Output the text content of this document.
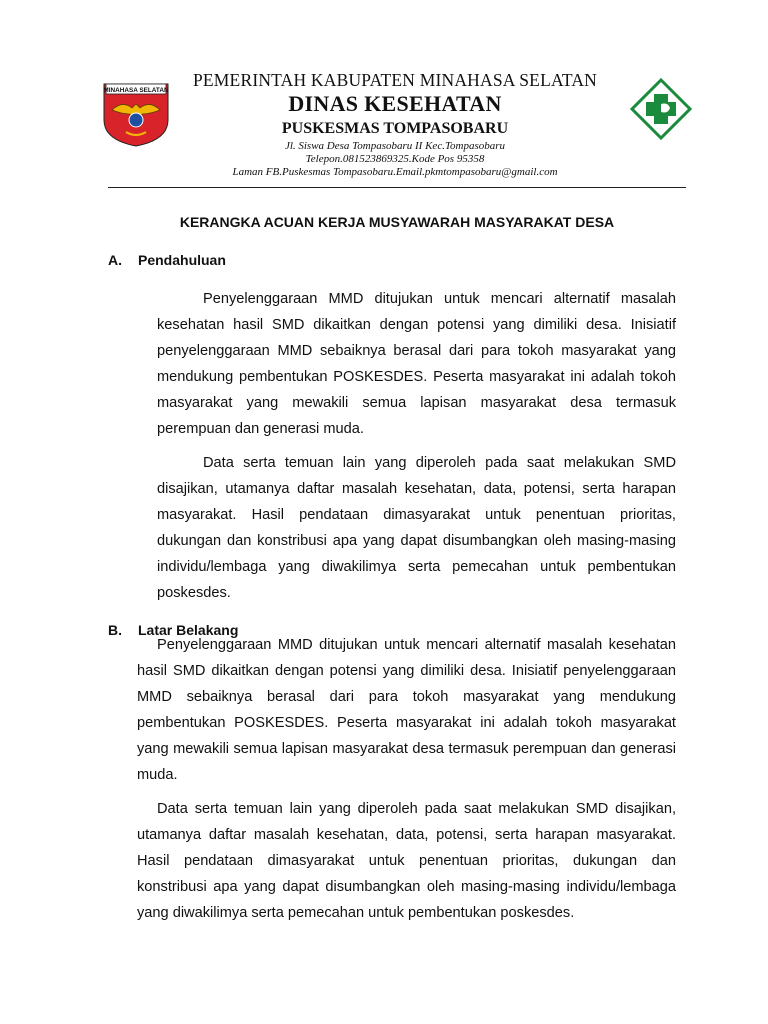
MINAHASA SELATAN
PEMERINTAH KABUPATEN MINAHASA SELATAN
DINAS KESEHATAN
PUSKESMAS TOMPASOBARU
Jl. Siswa Desa Tompasobaru II Kec.Tompasobaru
Telepon.081523869325.Kode Pos 95358
Laman FB.Puskesmas Tompasobaru.Email.pkmtompasobaru@gmail.com
KERANGKA ACUAN KERJA MUSYAWARAH MASYARAKAT DESA
A. Pendahuluan

Penyelenggaraan MMD ditujukan untuk mencari alternatif masalah kesehatan hasil SMD dikaitkan dengan potensi yang dimiliki desa. Inisiatif penyelenggaraan MMD sebaiknya berasal dari para tokoh masyarakat yang mendukung pembentukan POSKESDES. Peserta masyarakat ini adalah tokoh masyarakat yang mewakili semua lapisan masyarakat desa termasuk perempuan dan generasi muda.

Data serta temuan lain yang diperoleh pada saat melakukan SMD disajikan, utamanya daftar masalah kesehatan, data, potensi, serta harapan masyarakat. Hasil pendataan dimasyarakat untuk penentuan prioritas, dukungan dan konstribusi apa yang dapat disumbangkan oleh masing-masing individu/lembaga yang diwakilimya serta pemecahan untuk pembentukan poskesdes.

B. Latar Belakang

Penyelenggaraan MMD ditujukan untuk mencari alternatif masalah kesehatan hasil SMD dikaitkan dengan potensi yang dimiliki desa. Inisiatif penyelenggaraan MMD sebaiknya berasal dari para tokoh masyarakat yang mendukung pembentukan POSKESDES. Peserta masyarakat ini adalah tokoh masyarakat yang mewakili semua lapisan masyarakat desa termasuk perempuan dan generasi muda.

Data serta temuan lain yang diperoleh pada saat melakukan SMD disajikan, utamanya daftar masalah kesehatan, data, potensi, serta harapan masyarakat. Hasil pendataan dimasyarakat untuk penentuan prioritas, dukungan dan konstribusi apa yang dapat disumbangkan oleh masing-masing individu/lembaga yang diwakilimya serta pemecahan untuk pembentukan poskesdes.
